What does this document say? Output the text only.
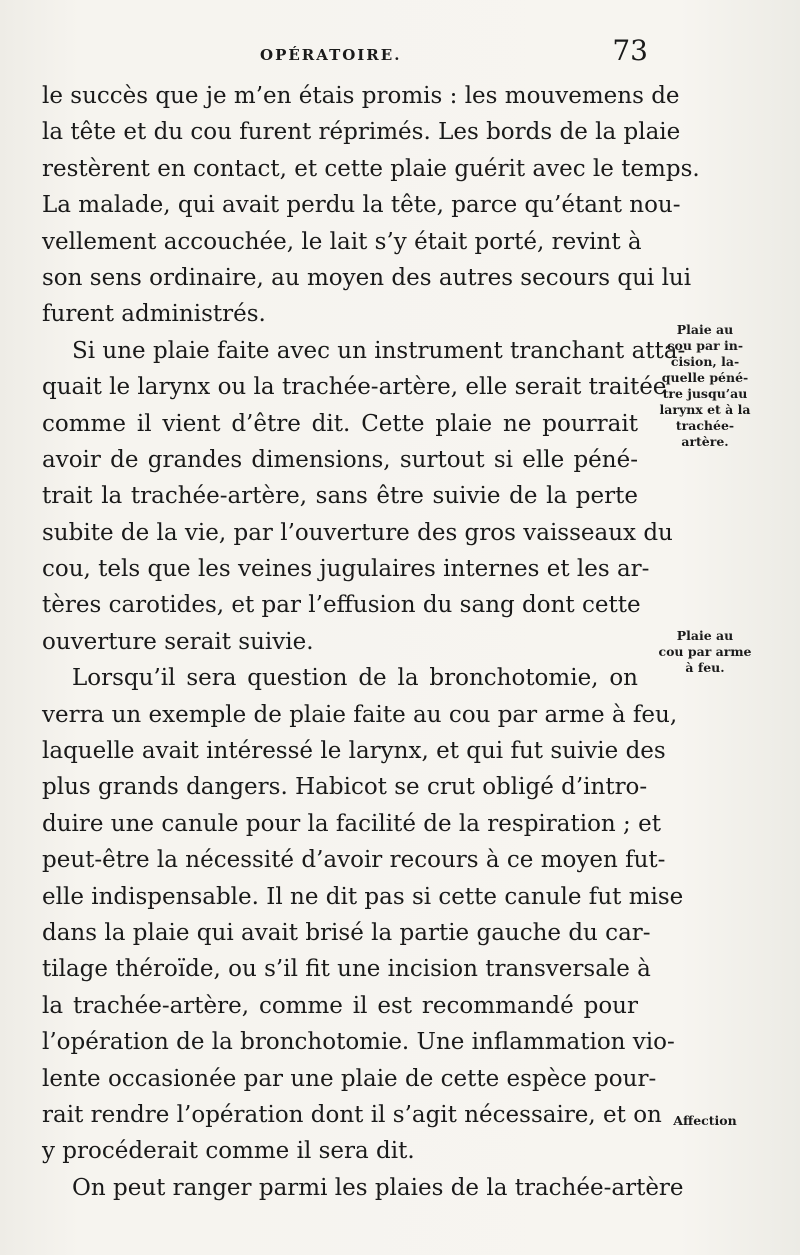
OPÉRATOIRE.	73
le succès que je m’en étais promis : les mouvemens de
la tête et du cou furent réprimés. Les bords de la plaie
restèrent en contact, et cette plaie guérit avec le temps.
La malade, qui avait perdu la tête, parce qu’étant nou-
vellement accouchée, le lait s’y était porté, revint à
son sens ordinaire, au moyen des autres secours qui lui
furent administrés.
Si une plaie faite avec un instrument tranchant atta-
quait le larynx ou la trachée-artère, elle serait traitée
comme il vient d’être dit. Cette plaie ne pourrait
avoir de grandes dimensions, surtout si elle péné-
trait la trachée-artère, sans être suivie de la perte
subite de la vie, par l’ouverture des gros vaisseaux du
cou, tels que les veines jugulaires internes et les ar-
tères carotides, et par l’effusion du sang dont cette
ouverture serait suivie.
Lorsqu’il sera question de la bronchotomie, on
verra un exemple de plaie faite au cou par arme à feu,
laquelle avait intéressé le larynx, et qui fut suivie des
plus grands dangers. Habicot se crut obligé d’intro-
duire une canule pour la facilité de la respiration ; et
peut-être la nécessité d’avoir recours à ce moyen fut-
elle indispensable. Il ne dit pas si cette canule fut mise
dans la plaie qui avait brisé la partie gauche du car-
tilage théroïde, ou s’il fit une incision transversale à
la trachée-artère, comme il est recommandé pour
l’opération de la bronchotomie. Une inflammation vio-
lente occasionée par une plaie de cette espèce pour-
rait rendre l’opération dont il s’agit nécessaire, et on
y procéderait comme il sera dit.
On peut ranger parmi les plaies de la trachée-artère
Plaie au
cou par in-
cision, la-
quelle péné-
tre jusqu’au
larynx et à la
trachée-
artère.
Plaie au
cou par arme
à feu.
Affection
